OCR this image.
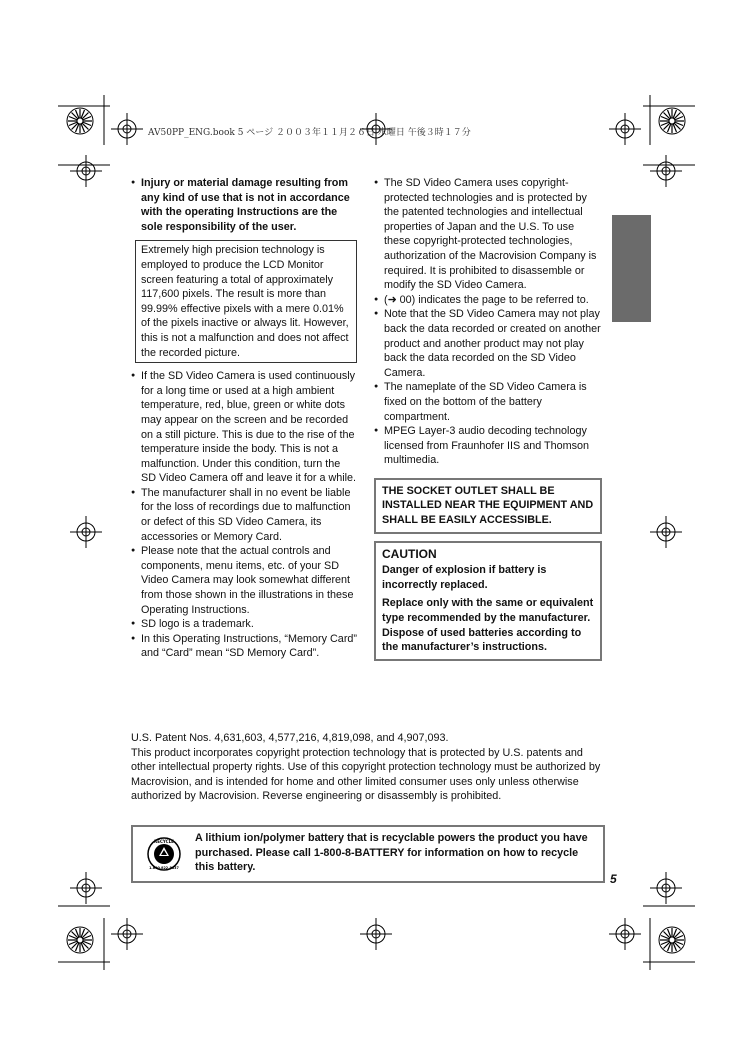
AV50PP_ENG.book 5 ページ ２００３年１１月２６日 水曜日 午後３時１７分
● Injury or material damage resulting from any kind of use that is not in accordance with the operating Instructions are the sole responsibility of the user.
Extremely high precision technology is employed to produce the LCD Monitor screen featuring a total of approximately 117,600 pixels. The result is more than 99.99% effective pixels with a mere 0.01% of the pixels inactive or always lit. However, this is not a malfunction and does not affect the recorded picture.
● If the SD Video Camera is used continuously for a long time or used at a high ambient temperature, red, blue, green or white dots may appear on the screen and be recorded on a still picture. This is due to the rise of the temperature inside the body. This is not a malfunction. Under this condition, turn the SD Video Camera off and leave it for a while.
● The manufacturer shall in no event be liable for the loss of recordings due to malfunction or defect of this SD Video Camera, its accessories or Memory Card.
● Please note that the actual controls and components, menu items, etc. of your SD Video Camera may look somewhat different from those shown in the illustrations in these Operating Instructions.
● SD logo is a trademark.
● In this Operating Instructions, “Memory Card” and “Card” mean “SD Memory Card”.
● The SD Video Camera uses copyright-protected technologies and is protected by the patented technologies and intellectual properties of Japan and the U.S. To use these copyright-protected technologies, authorization of the Macrovision Company is required. It is prohibited to disassemble or modify the SD Video Camera.
● (➜ 00) indicates the page to be referred to.
● Note that the SD Video Camera may not play back the data recorded or created on another product and another product may not play back the data recorded on the SD Video Camera.
● The nameplate of the SD Video Camera is fixed on the bottom of the battery compartment.
● MPEG Layer-3 audio decoding technology licensed from Fraunhofer IIS and Thomson multimedia.
THE SOCKET OUTLET SHALL BE INSTALLED NEAR THE EQUIPMENT AND SHALL BE EASILY ACCESSIBLE.
CAUTION

Danger of explosion if battery is incorrectly replaced.

Replace only with the same or equivalent type recommended by the manufacturer.

Dispose of used batteries according to the manufacturer’s instructions.

U.S. Patent Nos. 4,631,603, 4,577,216, 4,819,098, and 4,907,093.
This product incorporates copyright protection technology that is protected by U.S. patents and other intellectual property rights. Use of this copyright protection technology must be authorized by Macrovision, and is intended for home and other limited consumer uses only unless otherwise authorized by Macrovision. Reverse engineering or disassembly is prohibited.
RECYCLE
1.800.822.8837
A lithium ion/polymer battery that is recyclable powers the product you have purchased. Please call 1-800-8-BATTERY for information on how to recycle this battery.
5
